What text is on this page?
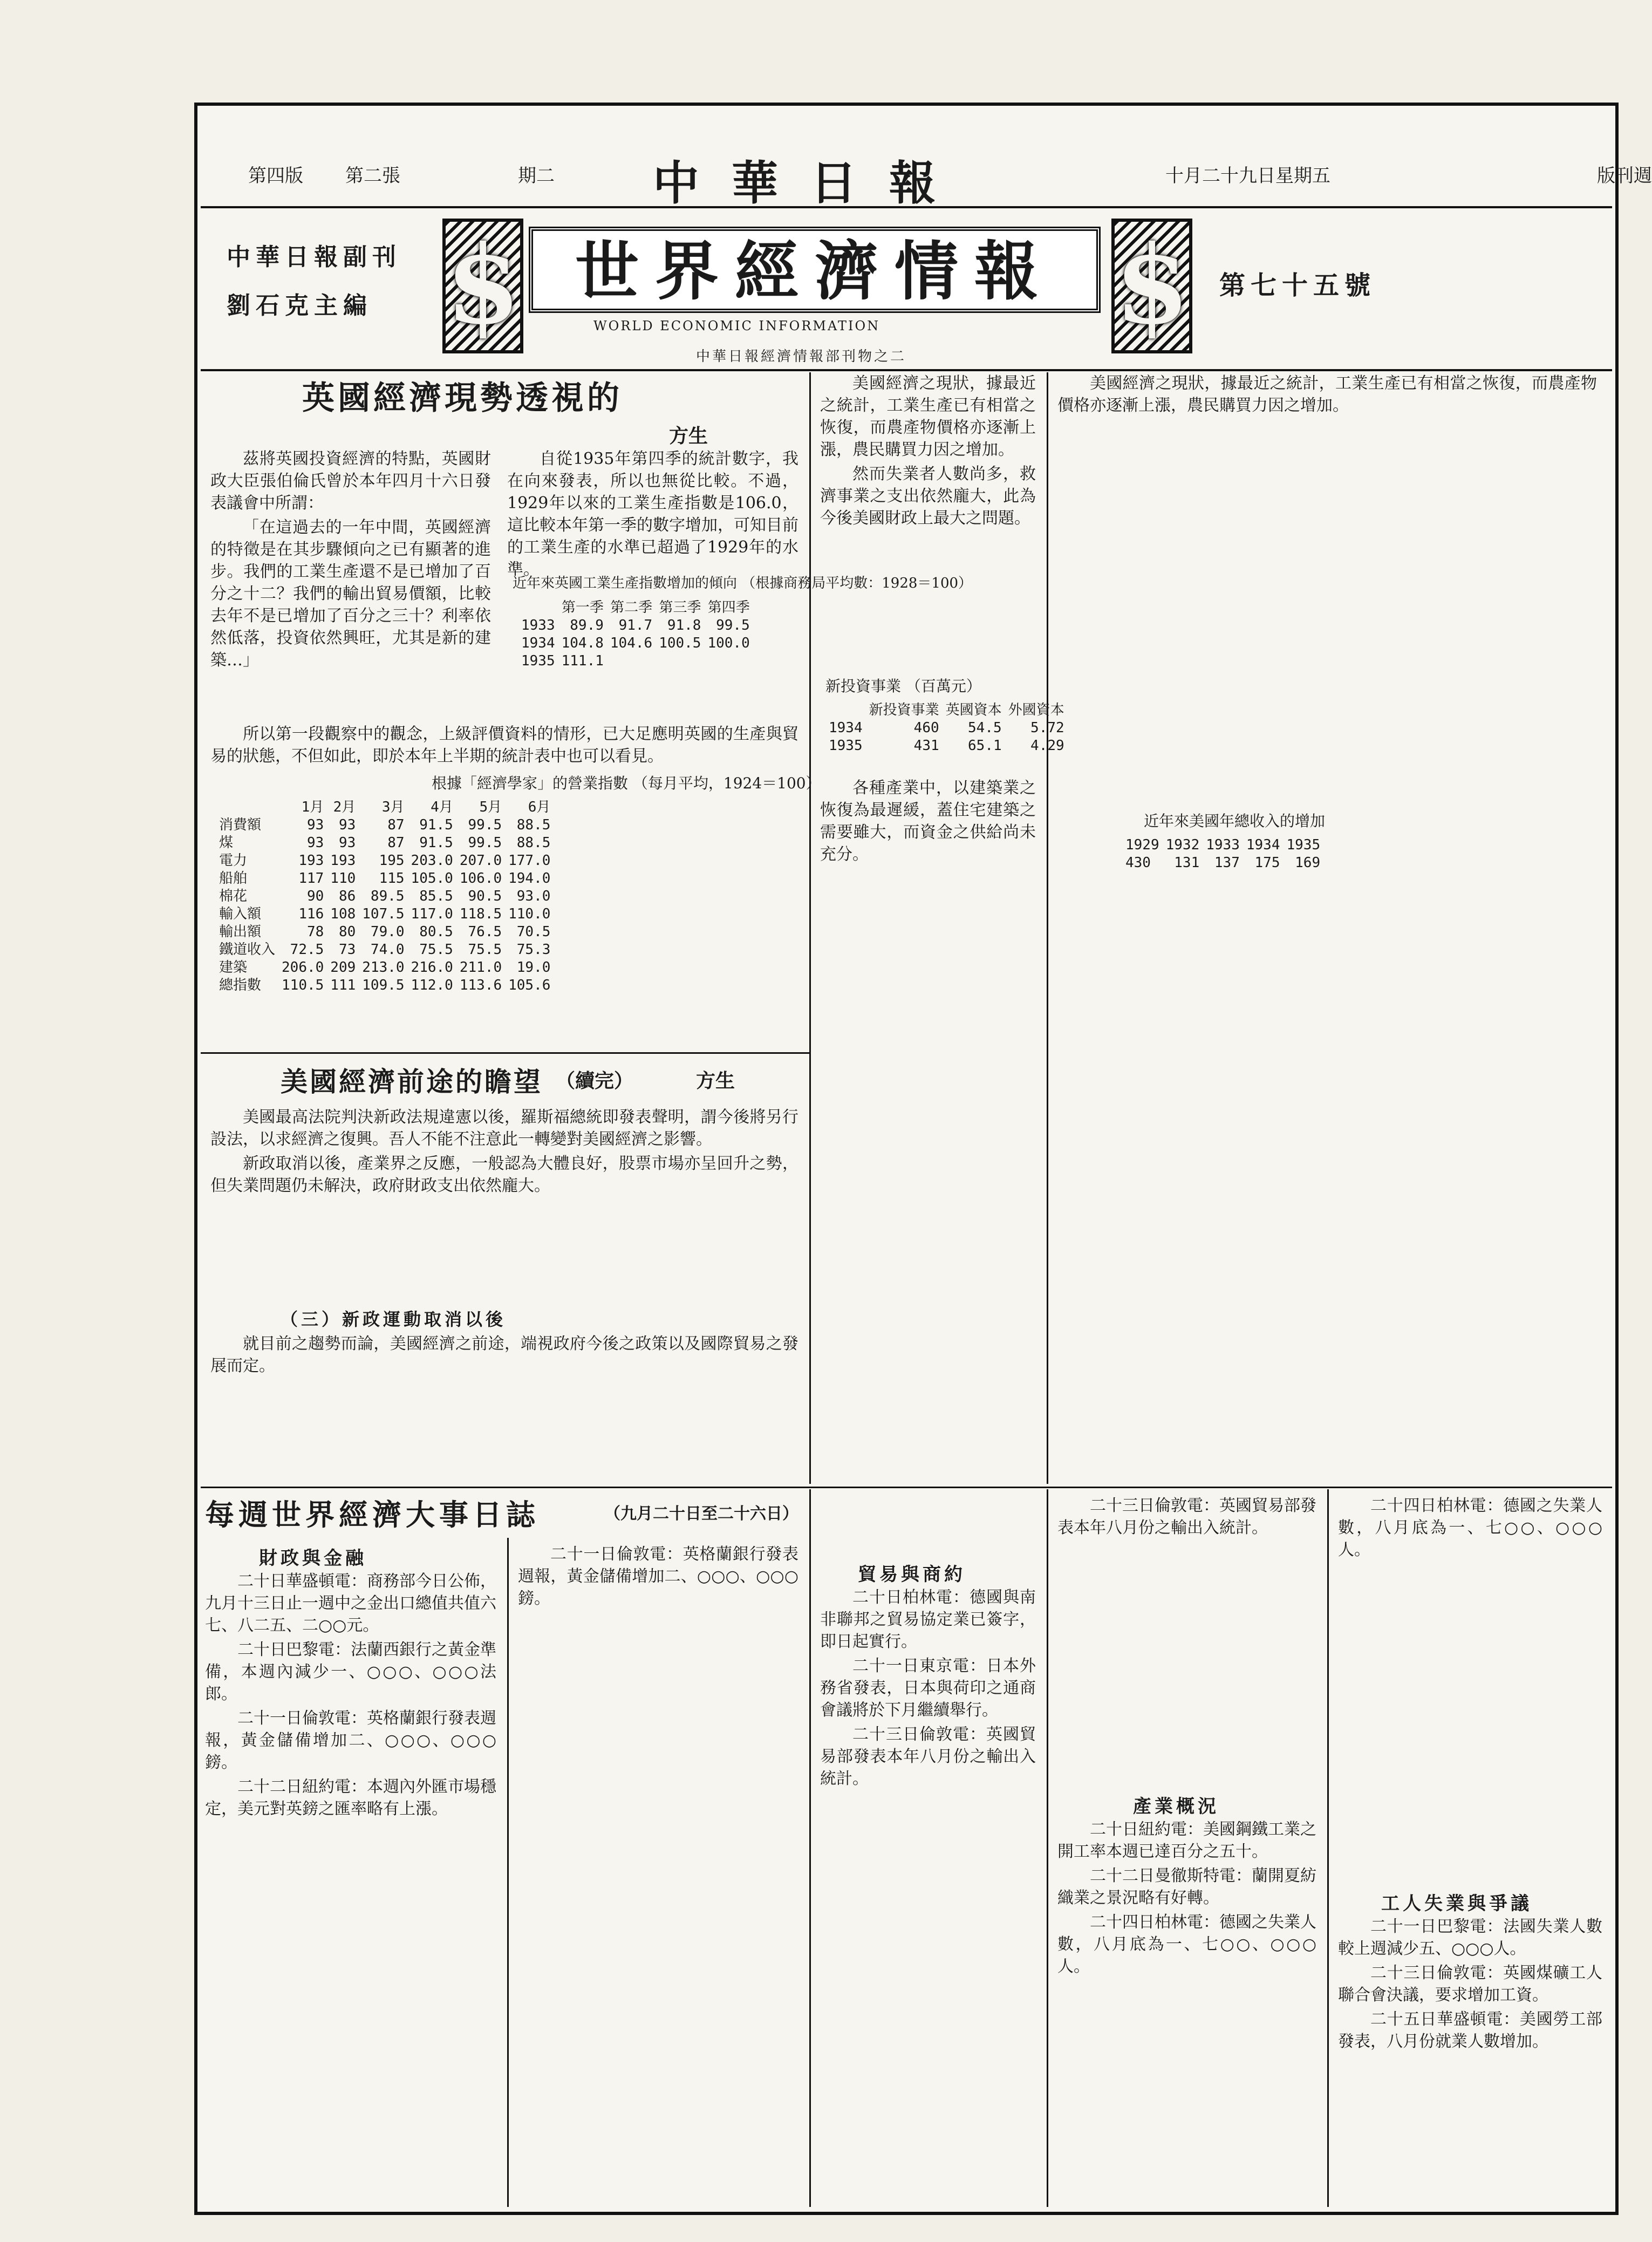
版刊週
十月二十九日星期五
期二
第二張
第四版	中華日報
中華日報副刊
劉石克主編 $	$
世界經濟情報
WORLD ECONOMIC INFORMATION
中華日報經濟情報部刊物之二
第七十五號
英國經濟現勢透視的
方生

茲將英國投資經濟的特點，英國財政大臣張伯倫氏曾於本年四月十六日發表議會中所謂：

「在這過去的一年中間，英國經濟的特徵是在其步驟傾向之已有顯著的進步。我們的工業生產還不是已增加了百分之十二？我們的輸出貿易價額，比較去年不是已增加了百分之三十？利率依然低落，投資依然興旺，尤其是新的建築…」

自從1935年第四季的統計數字，我在向來發表，所以也無從比較。不過，1929年以來的工業生產指數是106.0，這比較本年第一季的數字增加，可知目前的工業生產的水準已超過了1929年的水準。

近年來英國工業生產指數增加的傾向 （根據商務局平均數：1928＝100）
	第一季	第二季	第三季	第四季
1933	89.9	91.7	91.8	99.5
1934	104.8	104.6	100.5	100.0
1935	111.1			

所以第一段觀察中的觀念，上級評價資料的情形，已大足應明英國的生產與貿易的狀態，不但如此，即於本年上半期的統計表中也可以看見。

根據「經濟學家」的營業指數 （每月平均，1924＝100）
	1月	2月	3月	4月	5月	6月
消費額	93	93	87	91.5	99.5	88.5
煤	93	93	87	91.5	99.5	88.5
電力	193	193	195	203.0	207.0	177.0
船舶	117	110	115	105.0	106.0	194.0
棉花	90	86	89.5	85.5	90.5	93.0
輸入額	116	108	107.5	117.0	118.5	110.0
輸出額	78	80	79.0	80.5	76.5	70.5
鐵道收入	72.5	73	74.0	75.5	75.5	75.3
建築	206.0	209	213.0	216.0	211.0	19.0
總指數	110.5	111	109.5	112.0	113.6	105.6
美國經濟前途的瞻望 （續完）	方生

美國最高法院判決新政法規違憲以後，羅斯福總統即發表聲明，謂今後將另行設法，以求經濟之復興。吾人不能不注意此一轉變對美國經濟之影響。

新政取消以後，產業界之反應，一般認為大體良好，股票市場亦呈回升之勢，但失業問題仍未解決，政府財政支出依然龐大。

（三）新政運動取消以後

就目前之趨勢而論，美國經濟之前途，端視政府今後之政策以及國際貿易之發展而定。

美國經濟之現狀，據最近之統計，工業生產已有相當之恢復，而農產物價格亦逐漸上漲，農民購買力因之增加。

然而失業者人數尚多，救濟事業之支出依然龐大，此為今後美國財政上最大之問題。

新投資事業 （百萬元）
	新投資事業	英國資本	外國資本
1934	460	54.5	5.72
1935	431	65.1	4.29

各種產業中，以建築業之恢復為最遲緩，蓋住宅建築之需要雖大，而資金之供給尚未充分。

美國經濟之現狀，據最近之統計，工業生產已有相當之恢復，而農產物價格亦逐漸上漲，農民購買力因之增加。

近年來美國年總收入的增加
1929	1932	1933	1934	1935
430	131	137	175	169
每週世界經濟大事日誌	（九月二十日至二十六日）
財政與金融

二十日華盛頓電：商務部今日公佈，九月十三日止一週中之金出口總值共值六七、八二五、二○○元。

二十日巴黎電：法蘭西銀行之黃金準備，本週內減少一、○○○、○○○法郎。

二十一日倫敦電：英格蘭銀行發表週報，黃金儲備增加二、○○○、○○○鎊。

二十二日紐約電：本週內外匯市場穩定，美元對英鎊之匯率略有上漲。

二十一日倫敦電：英格蘭銀行發表週報，黃金儲備增加二、○○○、○○○鎊。

貿易與商約

二十日柏林電：德國與南非聯邦之貿易協定業已簽字，即日起實行。

二十一日東京電：日本外務省發表，日本與荷印之通商會議將於下月繼續舉行。

二十三日倫敦電：英國貿易部發表本年八月份之輸出入統計。

產業概況

二十三日倫敦電：英國貿易部發表本年八月份之輸出入統計。

二十日紐約電：美國鋼鐵工業之開工率本週已達百分之五十。

二十二日曼徹斯特電：蘭開夏紡織業之景況略有好轉。

二十四日柏林電：德國之失業人數，八月底為一、七○○、○○○人。

工人失業與爭議

二十四日柏林電：德國之失業人數，八月底為一、七○○、○○○人。

二十一日巴黎電：法國失業人數較上週減少五、○○○人。

二十三日倫敦電：英國煤礦工人聯合會決議，要求增加工資。

二十五日華盛頓電：美國勞工部發表，八月份就業人數增加。
